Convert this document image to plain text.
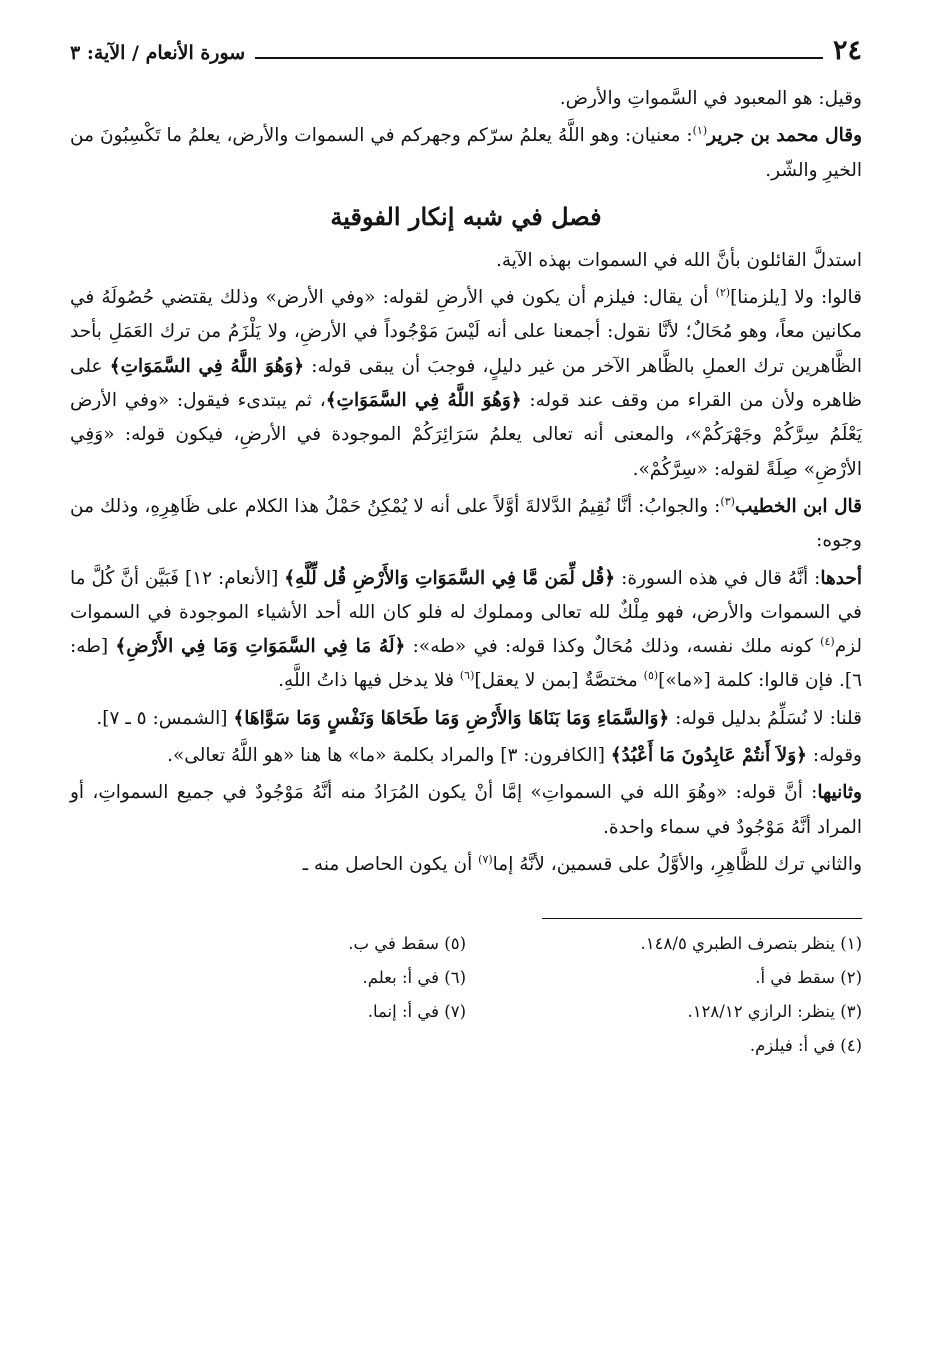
٢٤
سورة الأنعام / الآية: ٣

وقيل: هو المعبود في السَّمواتِ والأرض.

وقال محمد بن جرير$^{(١)}$: معنيان: وهو اللَّهُ يعلمُ سرّكم وجهركم في السموات والأرض، يعلمُ ما تَكْسِبُونَ من الخيرِ والشّر.

فصل في شبه إنكار الفوقية

استدلَّ القائلون بأنَّ الله في السموات بهذه الآية.

قالوا: ولا [يلزمنا]$^{(٢)}$ أن يقال: فيلزم أن يكون في الأرضِ لقوله: «وفي الأرض» وذلك يقتضي حُصُولَهُ في مكانين معاً، وهو مُحَالٌ؛ لأنَّا نقول: أجمعنا على أنه لَيْسَ مَوْجُوداً في الأرضِ، ولا يَلْزَمُ من ترك العَمَلِ بأحد الظَّاهرين ترك العملِ بالظَّاهر الآخر من غير دليلٍ، فوجبَ أن يبقى قوله: ﴿وَهُوَ اللَّهُ فِي السَّمَوَاتِ﴾ على ظاهره ولأن من القراء من وقف عند قوله: ﴿وَهُوَ اللَّهُ فِي السَّمَوَاتِ﴾، ثم يبتدىء فيقول: «وفي الأرض يَعْلَمُ سِرَّكُمْ وجَهْرَكُمْ»، والمعنى أنه تعالى يعلمُ سَرَائِرَكُمْ الموجودة في الأرضِ، فيكون قوله: «وَفِي الأرْضِ» صِلَةً لقوله: «سِرَّكُمْ».

قال ابن الخطيب$^{(٣)}$: والجوابُ: أنَّا نُقِيمُ الدَّلالةَ أوَّلاً على أنه لا يُمْكِنُ حَمْلُ هذا الكلام على ظَاهِرِهِ، وذلك من وجوه:

أحدها: أنَّهُ قال في هذه السورة: ﴿قُل لِّمَن مَّا فِي السَّمَوَاتِ وَالأَرْضِ قُل لِّلَّهِ﴾ [الأنعام: ١٢] فَبَيَّن أنَّ كُلَّ ما في السموات والأرض، فهو مِلْكٌ لله تعالى ومملوك له فلو كان الله أحد الأشياء الموجودة في السموات لزم$^{(٤)}$ كونه ملك نفسه، وذلك مُحَالٌ وكذا قوله: في «طه»: ﴿لَهُ مَا فِي السَّمَوَاتِ وَمَا فِي الأَرْضِ﴾ [طه: ٦]. فإن قالوا: كلمة [«ما»]$^{(٥)}$ مختصَّةٌ [بمن لا يعقل]$^{(٦)}$ فلا يدخل فيها ذاتُ اللَّهِ.

قلنا: لا نُسَلِّمُ بدليل قوله: ﴿وَالسَّمَاءِ وَمَا بَنَاهَا وَالأَرْضِ وَمَا طَحَاهَا وَنَفْسٍ وَمَا سَوَّاهَا﴾ [الشمس: ٥ ـ ٧].

وقوله: ﴿وَلاَ أَنتُمْ عَابِدُونَ مَا أَعْبُدُ﴾ [الكافرون: ٣] والمراد بكلمة «ما» ها هنا «هو اللَّهُ تعالى».

وثانيها: أنَّ قوله: «وهُوَ الله في السمواتِ» إمَّا أنْ يكون المُرَادُ منه أنَّهُ مَوْجُودٌ في جميع السمواتِ، أو المراد أنَّهُ مَوْجُودٌ في سماء واحدة.

والثاني ترك للظَّاهِرِ، والأوَّلُ على قسمين، لأنَّهُ إما$^{(٧)}$ أن يكون الحاصل منه ـ

(١) ينظر بتصرف الطبري ١٤٨/٥.
(٢) سقط في أ.
(٣) ينظر: الرازي ١٢٨/١٢.
(٤) في أ: فيلزم.
(٥) سقط في ب.
(٦) في أ: بعلم.
(٧) في أ: إنما.
